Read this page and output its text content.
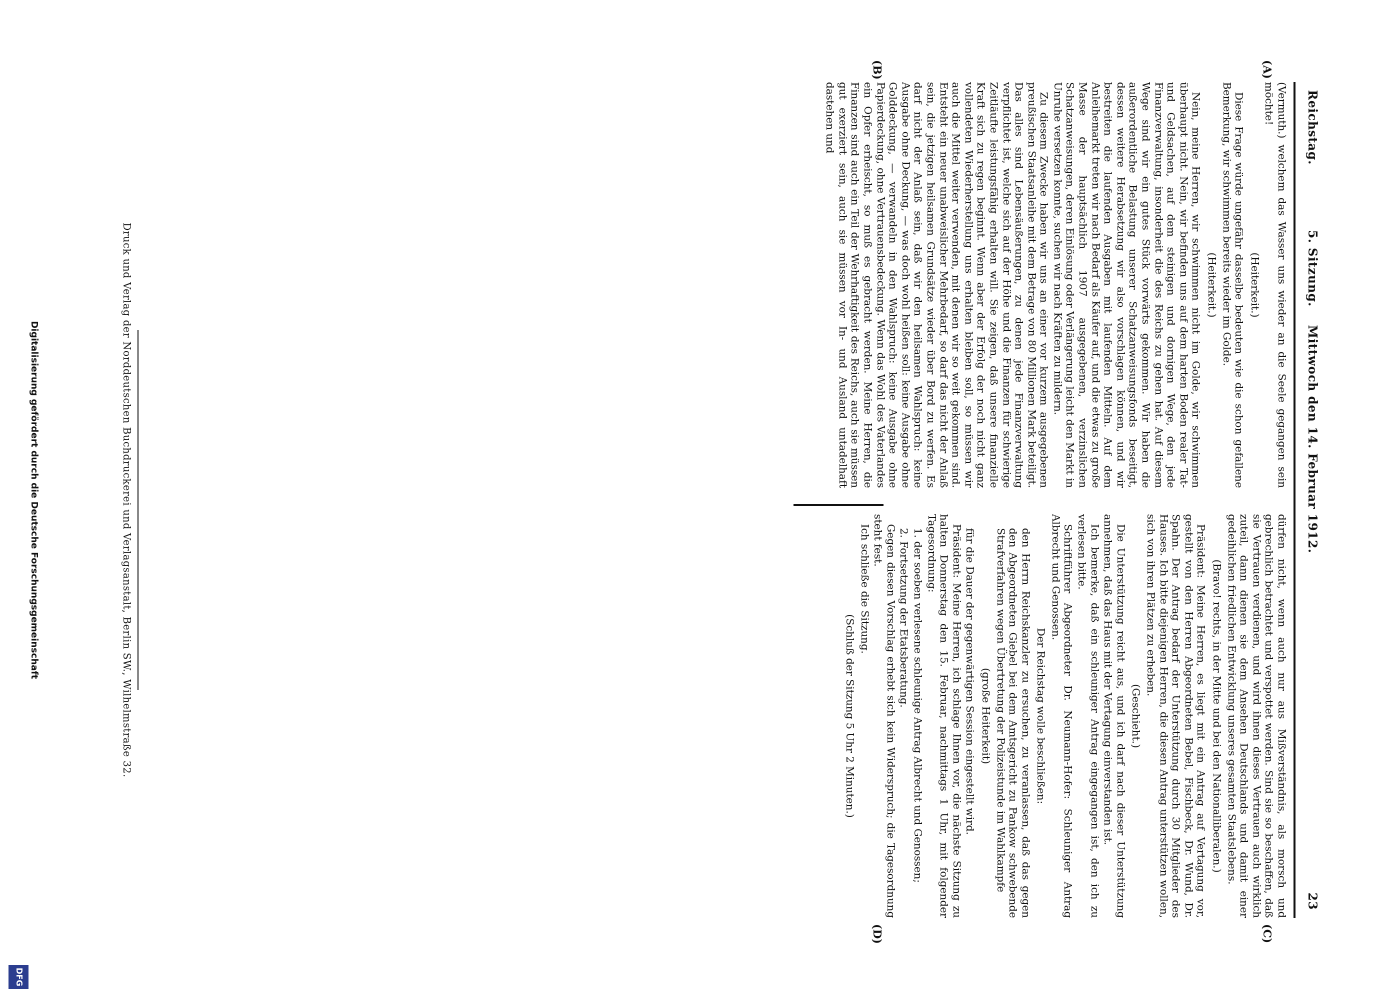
Reichstag.
5. Sitzung.    Mittwoch den 14. Februar 1912.
23
(A)
(B)
(C)
(D)

(Vermuth.) welchem das Wasser uns wieder an die Seele gegangen sein möchte!

(Heiterkeit.)

Diese Frage würde ungefähr dasselbe bedeuten wie die schon gefallene Bemerkung, wir schwimmen bereits wieder im Golde.

(Heiterkeit.)

Nein, meine Herren, wir schwimmen nicht im Golde, wir schwimmen überhaupt nicht. Nein, wir befinden uns auf dem harten Boden realer Tat- und Geldsachen, auf dem steinigen und dornigen Wege, den jede Finanzverwaltung, insonderheit die des Reichs zu gehen hat. Auf diesem Wege sind wir ein gutes Stück vorwärts gekommen. Wir haben die außerordentliche Belastung unserer Schatzanweisungsfonds beseitigt, dessen weitere Herabsetzung wir also vorschlagen können, und wir bestreiten die laufenden Ausgaben mit laufenden Mitteln. Auf dem Anleihemarkt treten wir nach Bedarf als Käufer auf, und die etwas zu große Masse der hauptsächlich 1907 ausgegebenen, verzinslichen Schatzanweisungen, deren Einlösung oder Verlängerung leicht den Markt in Unruhe versetzen konnte, suchen wir nach Kräften zu mildern.

Zu diesem Zwecke haben wir uns an einer vor kurzem ausgegebenen preußischen Staatsanleihe mit dem Betrage von 80 Millionen Mark beteiligt. Das alles sind Lebensäußerungen, zu denen jede Finanzverwaltung verpflichtet ist, welche sich auf der Höhe und die Finanzen für schwierige Zeitläufte leistungsfähig erhalten will. Sie zeigen, daß unsere finanzielle Kraft sich zu regen beginnt. Wenn aber der Erfolg der noch nicht ganz vollendeten Wiederherstellung uns erhalten bleiben soll, so müssen wir auch die Mittel weiter verwenden, mit denen wir so weit gekommen sind. Entsteht ein neuer unabweislicher Mehrbedarf, so darf das nicht der Anlaß sein, die jetzigen heilsamen Grundsätze wieder über Bord zu werfen. Es darf nicht der Anlaß sein, daß wir den heilsamen Wahlspruch: keine Ausgabe ohne Deckung, — was doch wohl heißen soll: keine Ausgabe ohne Golddeckung, — verwandeln in den Wahlspruch: keine Ausgabe ohne Papierdeckung, ohne Vertrauensbedeckung. Wenn das Wohl des Vaterlandes ein Opfer erheischt, so muß es gebracht werden. Meine Herren, die Finanzen sind auch ein Teil der Wehrhaftigkeit des Reichs, auch sie müssen gut exerziert sein, auch sie müssen vor In- und Ausland untadelhaft dastehen und

dürfen nicht, wenn auch nur aus Mißverständnis, als morsch und gebrechlich betrachtet und verspottet werden. Sind sie so beschaffen, daß sie Vertrauen verdienen, und wird ihnen dieses Vertrauen auch wirklich zuteil, dann dienen sie dem Ansehen Deutschlands und damit einer gedeihlichen friedlichen Entwicklung unseres gesamten Staatslebens.

(Bravo! rechts, in der Mitte und bei den Nationalliberalen.)

Präsident: Meine Herren, es liegt mit ein Antrag auf Vertagung vor, gestellt von den Herren Abgeordneten Bebel, Fischbeck, Dr. Wund, Dr. Spahn. Der Antrag bedarf der Unterstützung durch 30 Mitglieder des Hauses. Ich bitte diejenigen Herren, die diesen Antrag unterstützen wollen, sich von ihren Plätzen zu erheben.

(Geschieht.)

Die Unterstützung reicht aus, und ich darf nach dieser Unterstützung annehmen, daß das Haus mit der Vertagung einverstanden ist.

Ich bemerke, daß ein schleuniger Antrag eingegangen ist, den ich zu verlesen bitte.

Schriftführer Abgeordneter Dr. Neumann-Hofer: Schleuniger Antrag Albrecht und Genossen.

Der Reichstag wolle beschließen:

den Herrn Reichskanzler zu ersuchen, zu veranlassen, daß das gegen den Abgeordneten Giebel bei dem Amtsgericht zu Pankow schwebende Strafverfahren wegen Übertretung der Polizeistunde im Wahlkampfe

(große Heiterkeit)

für die Dauer der gegenwärtigen Session eingestellt wird.

Präsident: Meine Herren, ich schlage Ihnen vor, die nächste Sitzung zu halten Donnerstag den 15. Februar, nachmittags 1 Uhr, mit folgender Tagesordnung:

1. der soeben verlesene schleunige Antrag Albrecht und Genossen;

2. Fortsetzung der Etatsberatung.

Gegen diesen Vorschlag erhebt sich kein Widerspruch; die Tagesordnung steht fest.

Ich schließe die Sitzung.

(Schluß der Sitzung 5 Uhr 2 Minuten.)

Druck und Verlag der Norddeutschen Buchdruckerei und Verlagsanstalt, Berlin SW., Wilhelmstraße 32.
Digitalisierung gefördert durch die Deutsche Forschungsgemeinschaft
DFG
